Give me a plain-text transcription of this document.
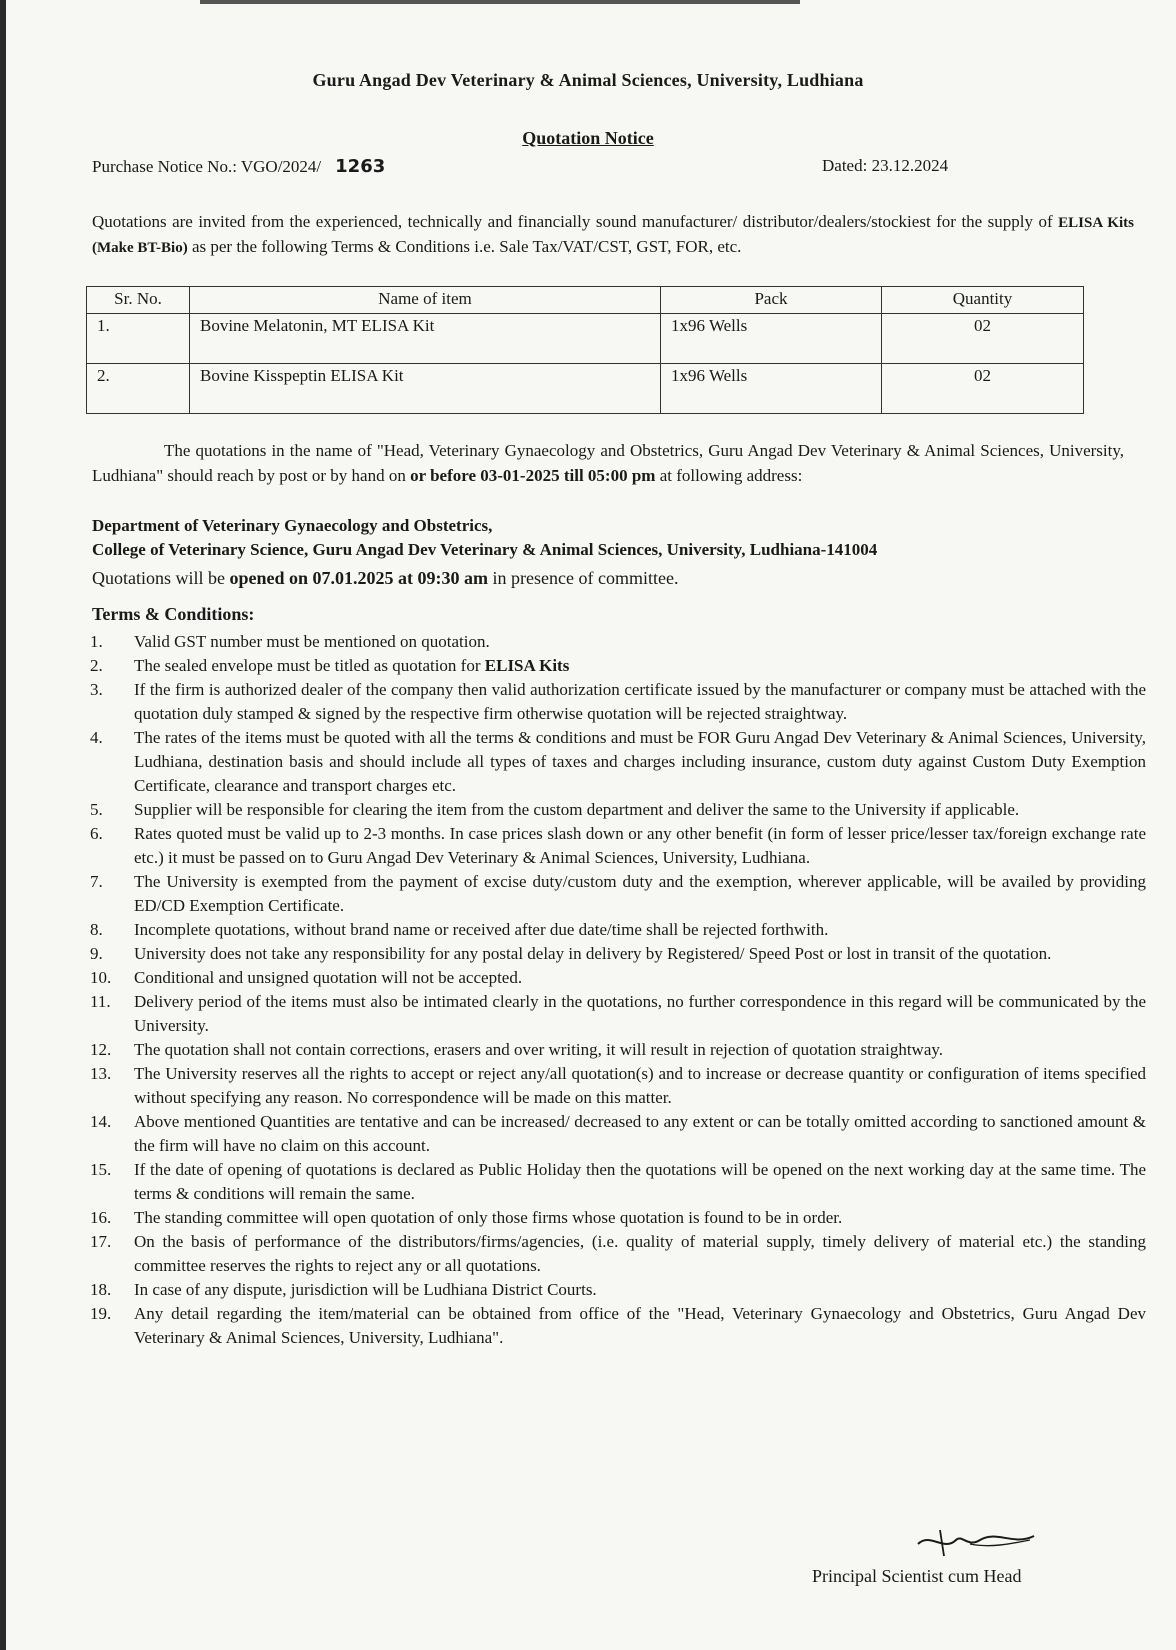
Guru Angad Dev Veterinary & Animal Sciences, University, Ludhiana
Quotation Notice
Purchase Notice No.: VGO/2024/ 1263	Dated: 23.12.2024
Quotations are invited from the experienced, technically and financially sound manufacturer/ distributor/dealers/stockiest for the supply of ELISA Kits (Make BT-Bio) as per the following Terms & Conditions i.e. Sale Tax/VAT/CST, GST, FOR, etc.
Sr. No.	Name of item	Pack	Quantity
1.	Bovine Melatonin, MT ELISA Kit	1x96 Wells	02
2.	Bovine Kisspeptin ELISA Kit	1x96 Wells	02
The quotations in the name of "Head, Veterinary Gynaecology and Obstetrics, Guru Angad Dev Veterinary & Animal Sciences, University, Ludhiana" should reach by post or by hand on or before 03-01-2025 till 05:00 pm at following address:
Department of Veterinary Gynaecology and Obstetrics,
College of Veterinary Science, Guru Angad Dev Veterinary & Animal Sciences, University, Ludhiana-141004
Quotations will be opened on 07.01.2025 at 09:30 am in presence of committee.
Terms & Conditions:
1.	Valid GST number must be mentioned on quotation.
2.	The sealed envelope must be titled as quotation for ELISA Kits
3.	If the firm is authorized dealer of the company then valid authorization certificate issued by the manufacturer or company must be attached with the quotation duly stamped & signed by the respective firm otherwise quotation will be rejected straightway.
4.	The rates of the items must be quoted with all the terms & conditions and must be FOR Guru Angad Dev Veterinary & Animal Sciences, University, Ludhiana, destination basis and should include all types of taxes and charges including insurance, custom duty against Custom Duty Exemption Certificate, clearance and transport charges etc.
5.	Supplier will be responsible for clearing the item from the custom department and deliver the same to the University if applicable.
6.	Rates quoted must be valid up to 2-3 months. In case prices slash down or any other benefit (in form of lesser price/lesser tax/foreign exchange rate etc.) it must be passed on to Guru Angad Dev Veterinary & Animal Sciences, University, Ludhiana.
7.	The University is exempted from the payment of excise duty/custom duty and the exemption, wherever applicable, will be availed by providing ED/CD Exemption Certificate.
8.	Incomplete quotations, without brand name or received after due date/time shall be rejected forthwith.
9.	University does not take any responsibility for any postal delay in delivery by Registered/ Speed Post or lost in transit of the quotation.
10.	Conditional and unsigned quotation will not be accepted.
11.	Delivery period of the items must also be intimated clearly in the quotations, no further correspondence in this regard will be communicated by the University.
12.	The quotation shall not contain corrections, erasers and over writing, it will result in rejection of quotation straightway.
13.	The University reserves all the rights to accept or reject any/all quotation(s) and to increase or decrease quantity or configuration of items specified without specifying any reason. No correspondence will be made on this matter.
14.	Above mentioned Quantities are tentative and can be increased/ decreased to any extent or can be totally omitted according to sanctioned amount & the firm will have no claim on this account.
15.	If the date of opening of quotations is declared as Public Holiday then the quotations will be opened on the next working day at the same time. The terms & conditions will remain the same.
16.	The standing committee will open quotation of only those firms whose quotation is found to be in order.
17.	On the basis of performance of the distributors/firms/agencies, (i.e. quality of material supply, timely delivery of material etc.) the standing committee reserves the rights to reject any or all quotations.
18.	In case of any dispute, jurisdiction will be Ludhiana District Courts.
19.	Any detail regarding the item/material can be obtained from office of the "Head, Veterinary Gynaecology and Obstetrics, Guru Angad Dev Veterinary & Animal Sciences, University, Ludhiana".
Principal Scientist cum Head
